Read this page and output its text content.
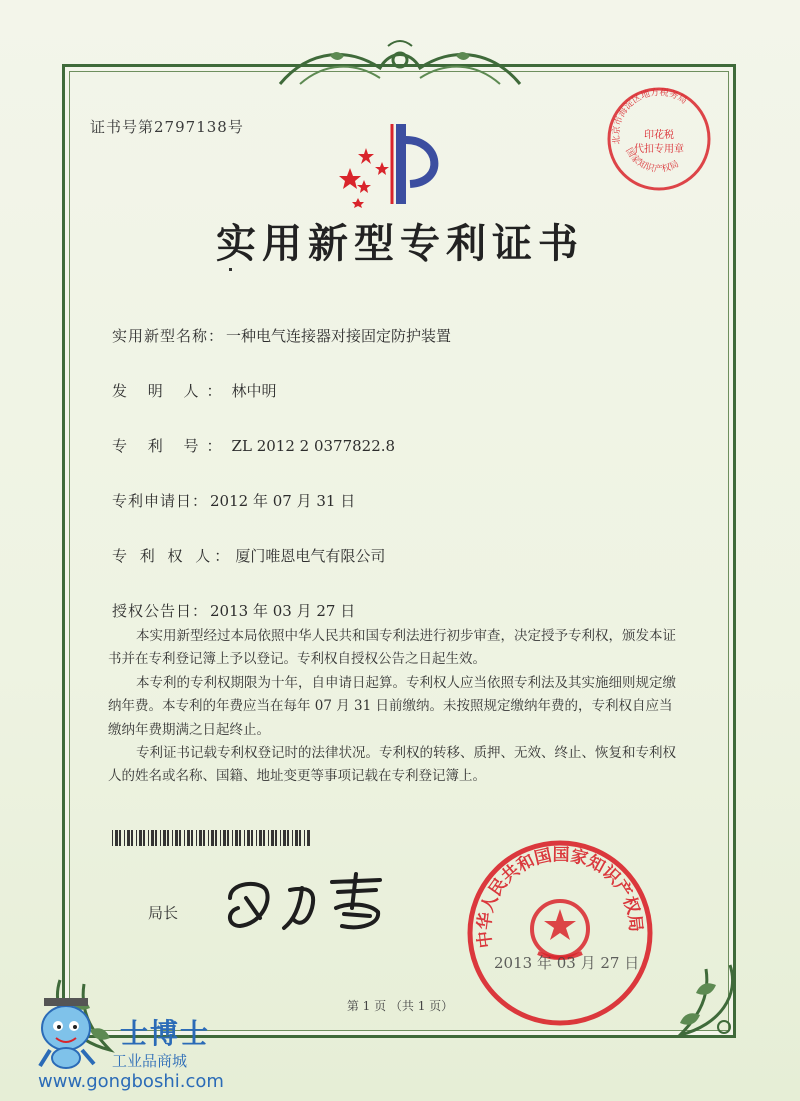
证书号第2797138号
实用新型专利证书
实用新型名称： 一种电气连接器对接固定防护装置
发 明 人： 林中明
专 利 号： ZL 2012 2 0377822.8
专利申请日： 2012 年 07 月 31 日
专 利 权 人： 厦门唯恩电气有限公司
授权公告日： 2013 年 03 月 27 日

本实用新型经过本局依照中华人民共和国专利法进行初步审查，决定授予专利权，颁发本证书并在专利登记簿上予以登记。专利权自授权公告之日起生效。

本专利的专利权期限为十年，自申请日起算。专利权人应当依照专利法及其实施细则规定缴纳年费。本专利的年费应当在每年 07 月 31 日前缴纳。未按照规定缴纳年费的，专利权自应当缴纳年费期满之日起终止。

专利证书记载专利权登记时的法律状况。专利权的转移、质押、无效、终止、恢复和专利权人的姓名或名称、国籍、地址变更等事项记载在专利登记簿上。

局长
中华人民共和国国家知识产权局
2013 年 03 月 27 日
北京市海淀区地方税务局
国家知识产权局
印花税
代扣专用章
第 1 页 （共 1 页）
士博士
工业品商城
www.gongboshi.com
